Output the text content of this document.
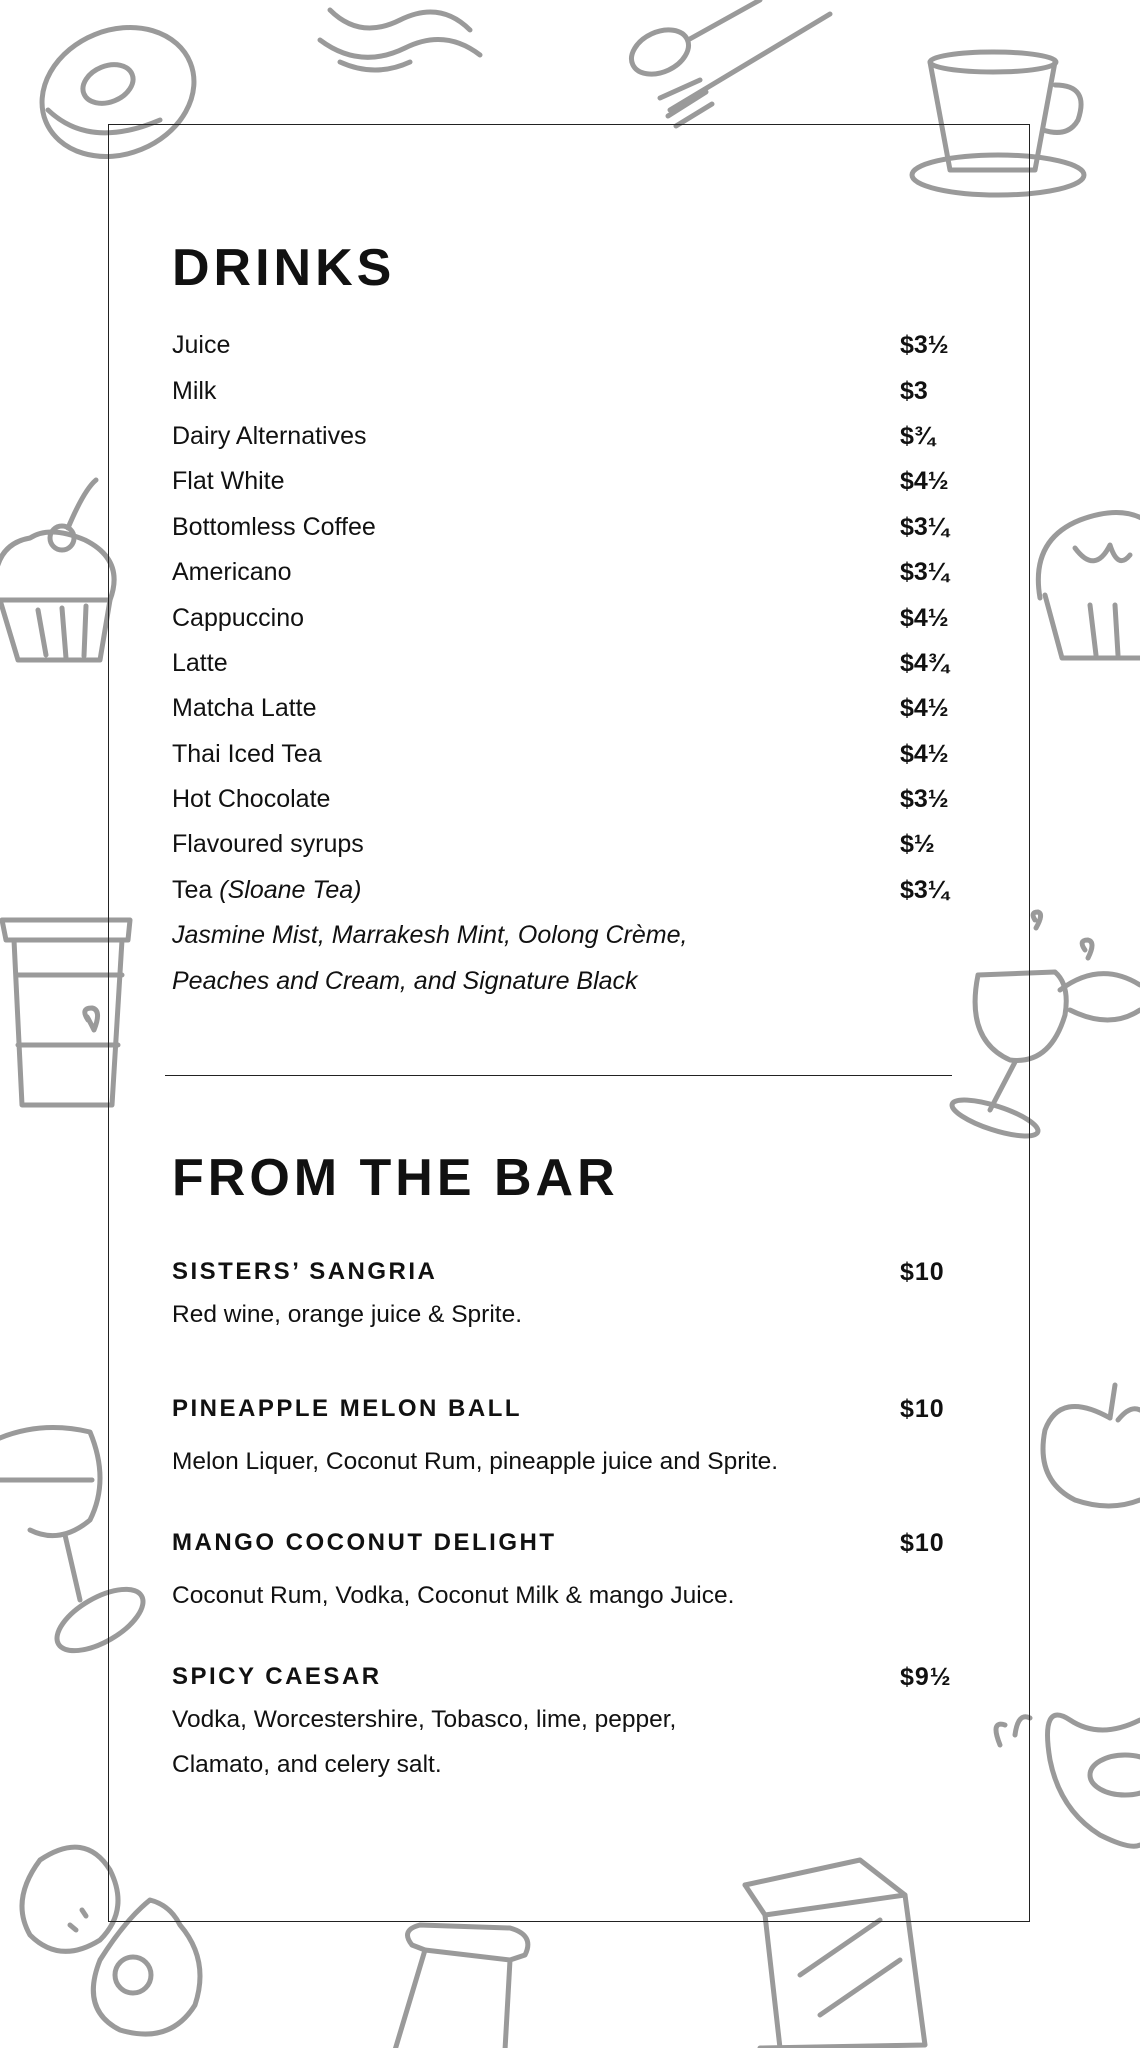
DRINKS
Juice	$3½
Milk	$3
Dairy Alternatives	$¾
Flat White	$4½
Bottomless Coffee	$3¼
Americano	$3¼
Cappuccino	$4½
Latte	$4¾
Matcha Latte	$4½
Thai Iced Tea	$4½
Hot Chocolate	$3½
Flavoured syrups	$½
Tea (Sloane Tea)	$3¼
Jasmine Mist, Marrakesh Mint, Oolong Crème,
Peaches and Cream, and Signature Black
FROM THE BAR
SISTERS’ SANGRIA	$10
Red wine, orange juice & Sprite.
PINEAPPLE MELON BALL	$10
Melon Liquer, Coconut Rum, pineapple juice and Sprite.
MANGO COCONUT DELIGHT	$10
Coconut Rum, Vodka, Coconut Milk & mango Juice.
SPICY CAESAR	$9½
Vodka, Worcestershire, Tobasco, lime, pepper,
Clamato, and celery salt.
